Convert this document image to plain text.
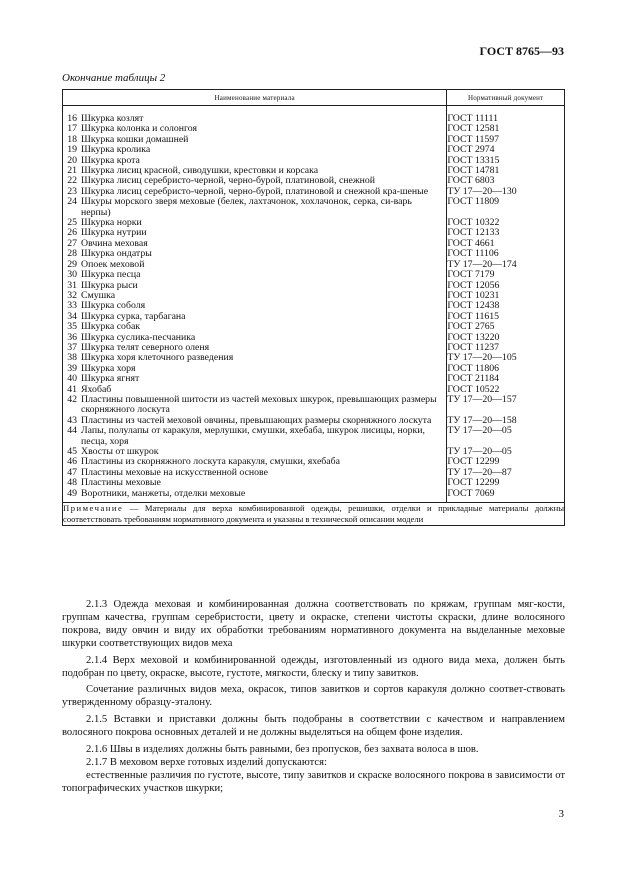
ГОСТ 8765—93
Окончание таблицы 2
Наименование материала	Нормативный документ

16 Шкурка козлят	ГОСТ 11111

17 Шкурка колонка и солонгоя	ГОСТ 12581

18 Шкурка кошки домашней	ГОСТ 11597

19 Шкурка кролика	ГОСТ 2974

20 Шкурка крота	ГОСТ 13315

21 Шкурка лисиц красной, сиводушки, крестовки и корсака	ГОСТ 14781

22 Шкурка лисиц серебристо-черной, черно-бурой, платиновой, снежной	ГОСТ 6803

23 Шкурка лисиц серебристо-черной, черно-бурой, платиновой и снежной кра-шеные	ТУ 17—20—130

24 Шкуры морского зверя меховые (белек, лахтачонок, хохлачонок, серка, си-варь нерпы)	ГОСТ 11809

25 Шкурка норки	ГОСТ 10322

26 Шкурка нутрии	ГОСТ 12133

27 Овчина меховая	ГОСТ 4661

28 Шкурка ондатры	ГОСТ 11106

29 Опоек меховой	ТУ 17—20—174

30 Шкурка песца	ГОСТ 7179

31 Шкурка рыси	ГОСТ 12056

32 Смушка	ГОСТ 10231

33 Шкурка соболя	ГОСТ 12438

34 Шкурка сурка, тарбагана	ГОСТ 11615

35 Шкурка собак	ГОСТ 2765

36 Шкурка суслика-песчаника	ГОСТ 13220

37 Шкурка телят северного оленя	ГОСТ 11237

38 Шкурка хоря клеточного разведения	ТУ 17—20—105

39 Шкурка хоря	ГОСТ 11806

40 Шкурка ягнят	ГОСТ 21184

41 Яхобаб	ГОСТ 10522

42 Пластины повышенной шитости из частей меховых шкурок, превышающих размеры скорняжного лоскута	ТУ 17—20—157

43 Пластины из частей меховой овчины, превышающих размеры скорняжного лоскута	ТУ 17—20—158

44 Лапы, полулапы от каракуля, мерлушки, смушки, яхебаба, шкурок лисицы, норки, песца, хоря	ТУ 17—20—05

45 Хвосты от шкурок	ТУ 17—20—05

46 Пластины из скорняжного лоскута каракуля, смушки, яхебаба	ГОСТ 12299

47 Пластины меховые на искусственной основе	ТУ 17—20—87

48 Пластины меховые	ГОСТ 12299

49 Воротники, манжеты, отделки меховые	ГОСТ 7069
Примечание — Материалы для верха комбинированной одежды, решишки, отделки и прикладные материалы должны соответствовать требованиям нормативного документа и указаны в технической описании модели	

2.1.3 Одежда меховая и комбинированная должна соответствовать по кряжам, группам мяг-кости, группам качества, группам серебристости, цвету и окраске, степени чистоты скраски, длине волосяного покрова, виду овчин и виду их обработки требованиям нормативного документа на выделанные меховые шкурки соответствующих видов меха

2.1.4 Верх меховой и комбинированной одежды, изготовленный из одного вида меха, должен быть подобран по цвету, окраске, высоте, густоте, мягкости, блеску и типу завитков.

Сочетание различных видов меха, окрасок, типов завитков и сортов каракуля должно соответ-ствовать утвержденному образцу-эталону.

2.1.5 Вставки и приставки должны быть подобраны в соответствии с качеством и направлением волосяного покрова основных деталей и не должны выделяться на общем фоне изделия.

2.1.6 Швы в изделиях должны быть равными, без пропусков, без захвата волоса в шов.

2.1.7 В меховом верхе готовых изделий допускаются:

естественные различия по густоте, высоте, типу завитков и скраске волосяного покрова в зависимости от топографических участков шкурки;

3
